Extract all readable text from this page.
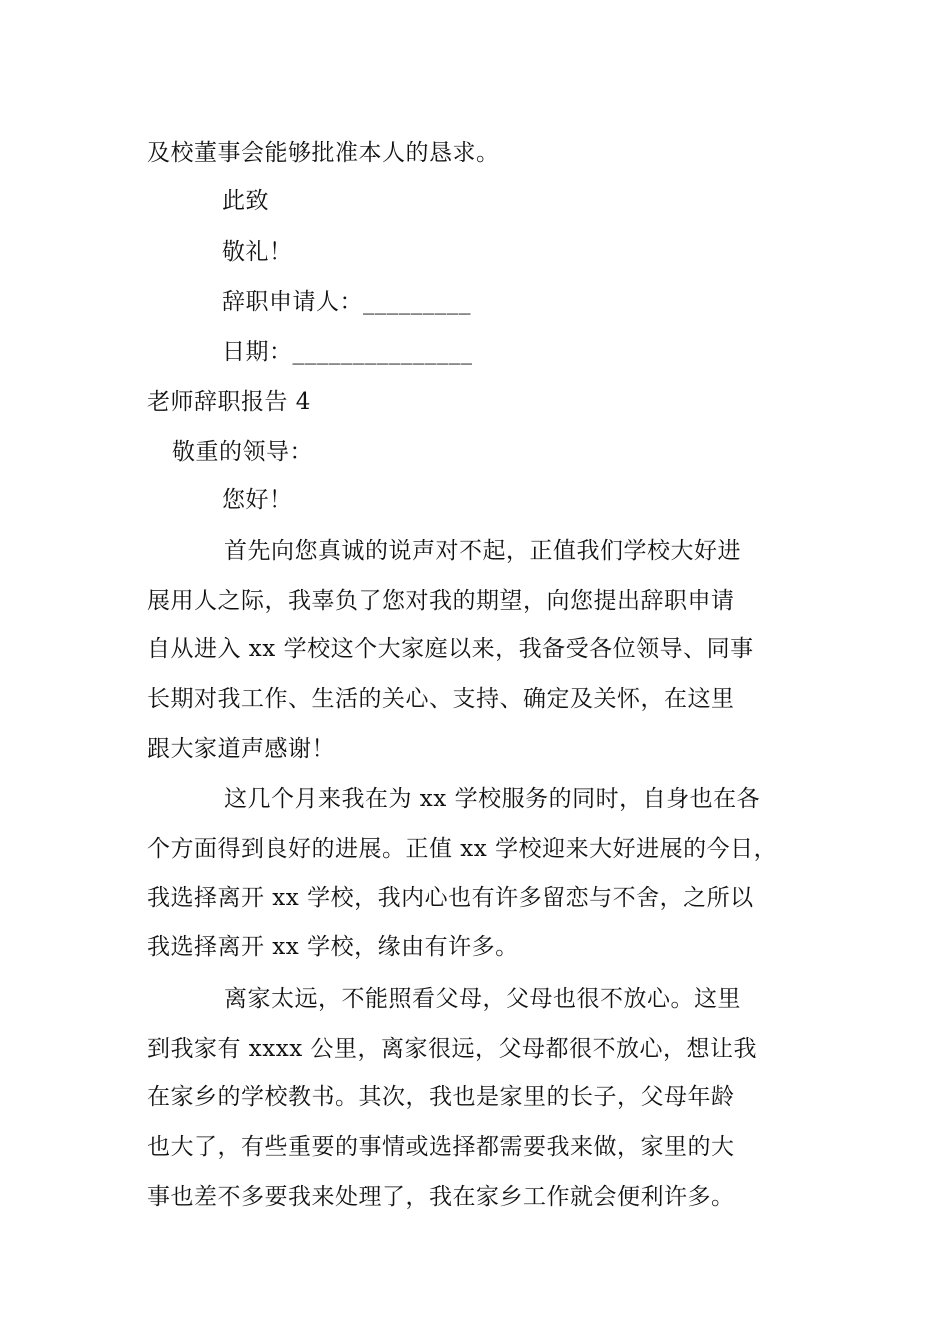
及校董事会能够批准本人的恳求。
此致
敬礼！
辞职申请人：_________
日期：_______________
老师辞职报告 4
敬重的领导：
您好！
首先向您真诚的说声对不起，正值我们学校大好进
展用人之际，我辜负了您对我的期望，向您提出辞职申请
自从进入 xx 学校这个大家庭以来，我备受各位领导、同事
长期对我工作、生活的关心、支持、确定及关怀，在这里
跟大家道声感谢！
这几个月来我在为 xx 学校服务的同时，自身也在各
个方面得到良好的进展。正值 xx 学校迎来大好进展的今日，
我选择离开 xx 学校，我内心也有许多留恋与不舍，之所以
我选择离开 xx 学校，缘由有许多。
离家太远，不能照看父母，父母也很不放心。这里
到我家有 xxxx 公里，离家很远，父母都很不放心，想让我
在家乡的学校教书。其次，我也是家里的长子，父母年龄
也大了，有些重要的事情或选择都需要我来做，家里的大
事也差不多要我来处理了，我在家乡工作就会便利许多。
